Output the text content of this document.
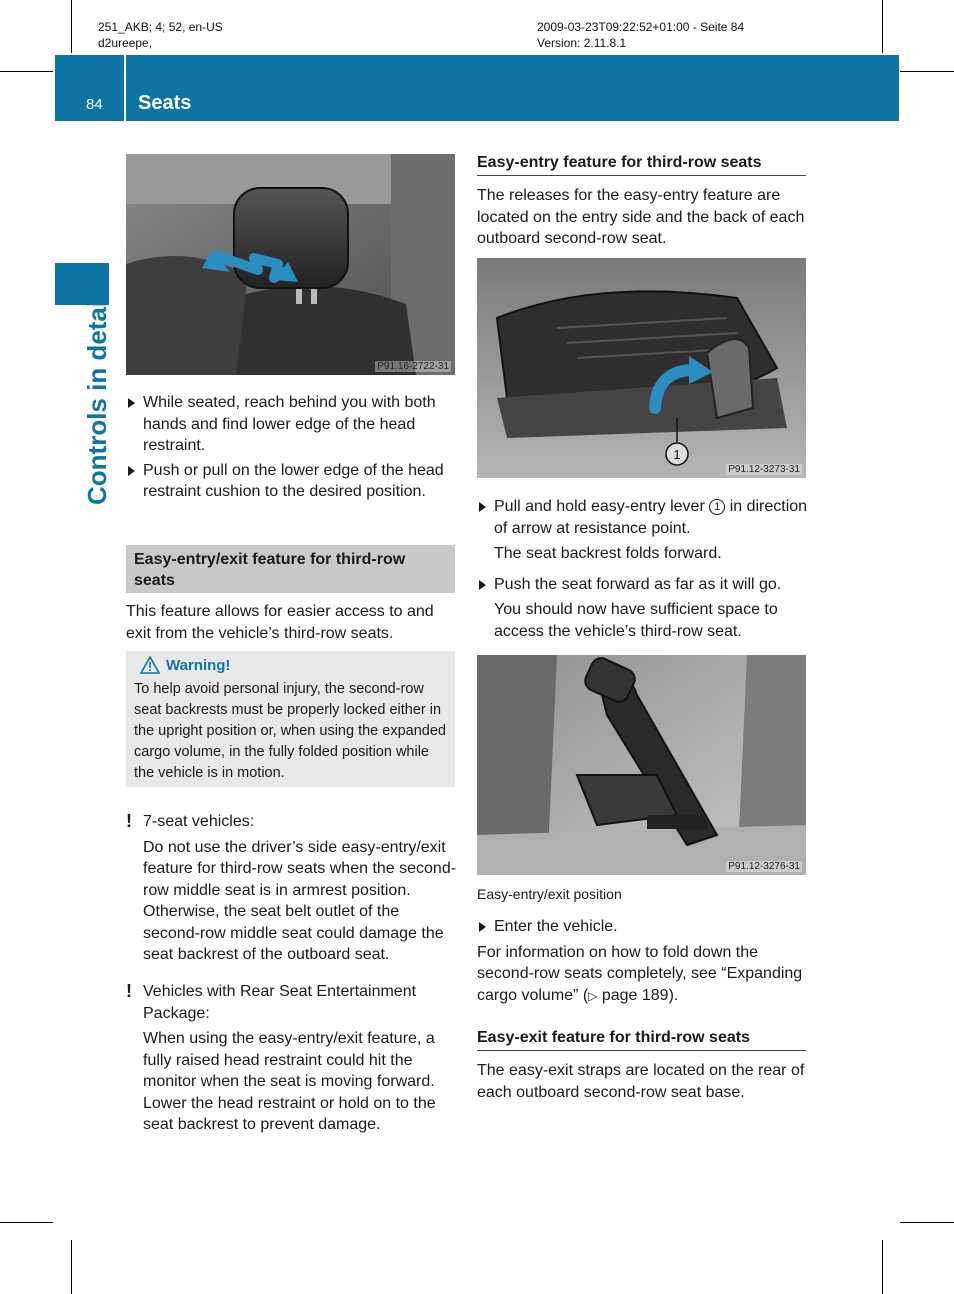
251_AKB; 4; 52, en-US
d2ureepe,
2009-03-23T09:22:52+01:00 - Seite 84
Version: 2.11.8.1
84 Seats
Controls in detail	P91.16-2722-31
While seated, reach behind you with both hands and find lower edge of the head restraint.
Push or pull on the lower edge of the head restraint cushion to the desired position.
Easy-entry/exit feature for third-row seats
This feature allows for easier access to and exit from the vehicle’s third-row seats.
Warning!
To help avoid personal injury, the second-row seat backrests must be properly locked either in the upright position or, when using the expanded cargo volume, in the fully folded position while the vehicle is in motion.
! 7-seat vehicles:
Do not use the driver’s side easy-entry/exit feature for third-row seats when the second-row middle seat is in armrest position. Otherwise, the seat belt outlet of the second-row middle seat could damage the seat backrest of the outboard seat.
! Vehicles with Rear Seat Entertainment Package:
When using the easy-entry/exit feature, a fully raised head restraint could hit the monitor when the seat is moving forward. Lower the head restraint or hold on to the seat backrest to prevent damage.
Easy-entry feature for third-row seats
The releases for the easy-entry feature are located on the entry side and the back of each outboard second-row seat.
1
P91.12-3273-31
Pull and hold easy-entry lever 1 in direction of arrow at resistance point.
The seat backrest folds forward.
Push the seat forward as far as it will go.
You should now have sufficient space to access the vehicle’s third-row seat.
P91.12-3276-31
Easy-entry/exit position
Enter the vehicle.
For information on how to fold down the second-row seats completely, see “Expanding cargo volume” (▷ page 189).
Easy-exit feature for third-row seats
The easy-exit straps are located on the rear of each outboard second-row seat base.
